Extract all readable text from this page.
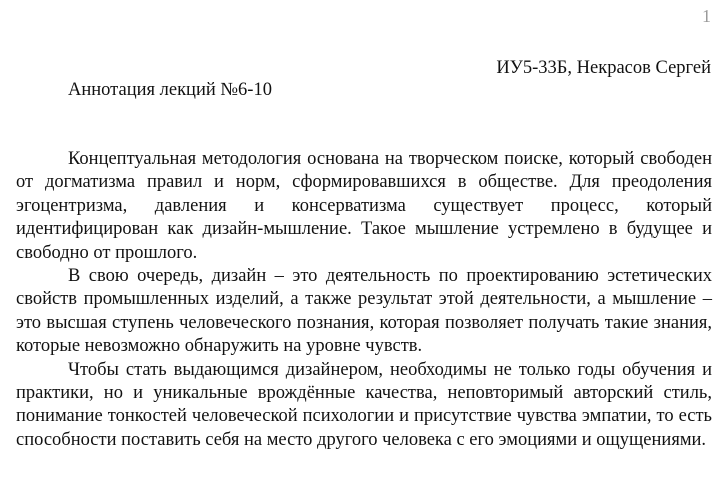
1
ИУ5-33Б, Некрасов Сергей
Аннотация лекций №6-10

Концептуальная методология основана на творческом поиске, который свободен от догматизма правил и норм, сформировавшихся в обществе. Для преодоления эгоцентризма, давления и консерватизма существует процесс, который идентифицирован как дизайн-мышление. Такое мышление устремлено в будущее и свободно от прошлого.

В свою очередь, дизайн – это деятельность по проектированию эстетических свойств промышленных изделий, а также результат этой деятельности, а мышление – это высшая ступень человеческого познания, которая позволяет получать такие знания, которые невозможно обнаружить на уровне чувств.

Чтобы стать выдающимся дизайнером, необходимы не только годы обучения и практики, но и уникальные врождённые качества, неповторимый авторский стиль, понимание тонкостей человеческой психологии и присутствие чувства эмпатии, то есть способности поставить себя на место другого человека с его эмоциями и ощущениями.
